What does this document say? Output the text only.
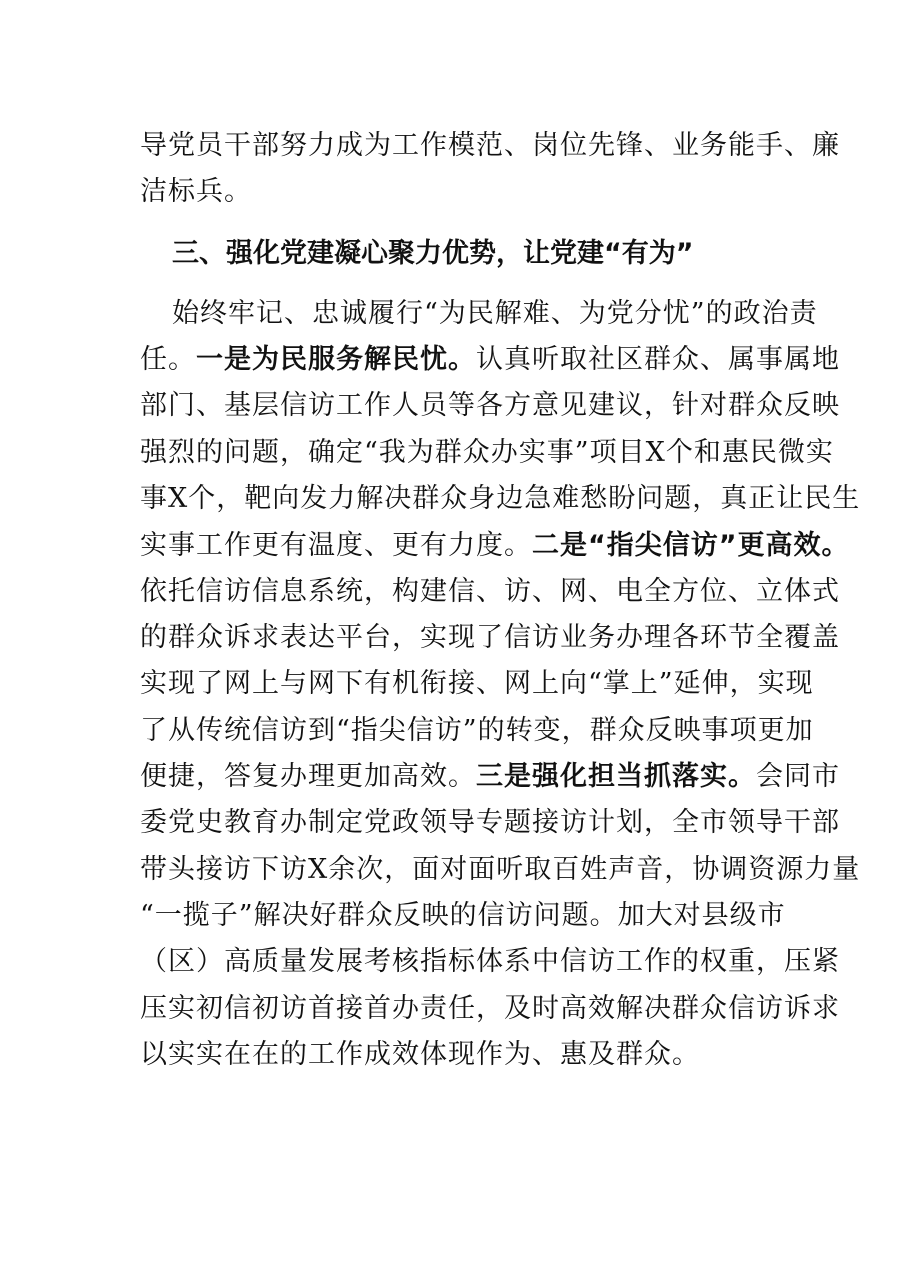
导党员干部努力成为工作模范、岗位先锋、业务能手、廉
洁标兵。
三、强化党建凝心聚力优势，让党建“有为”
始终牢记、忠诚履行“为民解难、为党分忧”的政治责
任。一是为民服务解民忧。认真听取社区群众、属事属地
部门、基层信访工作人员等各方意见建议，针对群众反映
强烈的问题，确定“我为群众办实事”项目X个和惠民微实
事X个，靶向发力解决群众身边急难愁盼问题，真正让民生
实事工作更有温度、更有力度。二是“指尖信访”更高效。
依托信访信息系统，构建信、访、网、电全方位、立体式
的群众诉求表达平台，实现了信访业务办理各环节全覆盖
实现了网上与网下有机衔接、网上向“掌上”延伸，实现
了从传统信访到“指尖信访”的转变，群众反映事项更加
便捷，答复办理更加高效。三是强化担当抓落实。会同市
委党史教育办制定党政领导专题接访计划，全市领导干部
带头接访下访X余次，面对面听取百姓声音，协调资源力量
“一揽子”解决好群众反映的信访问题。加大对县级市
（区）高质量发展考核指标体系中信访工作的权重，压紧
压实初信初访首接首办责任，及时高效解决群众信访诉求
以实实在在的工作成效体现作为、惠及群众。
